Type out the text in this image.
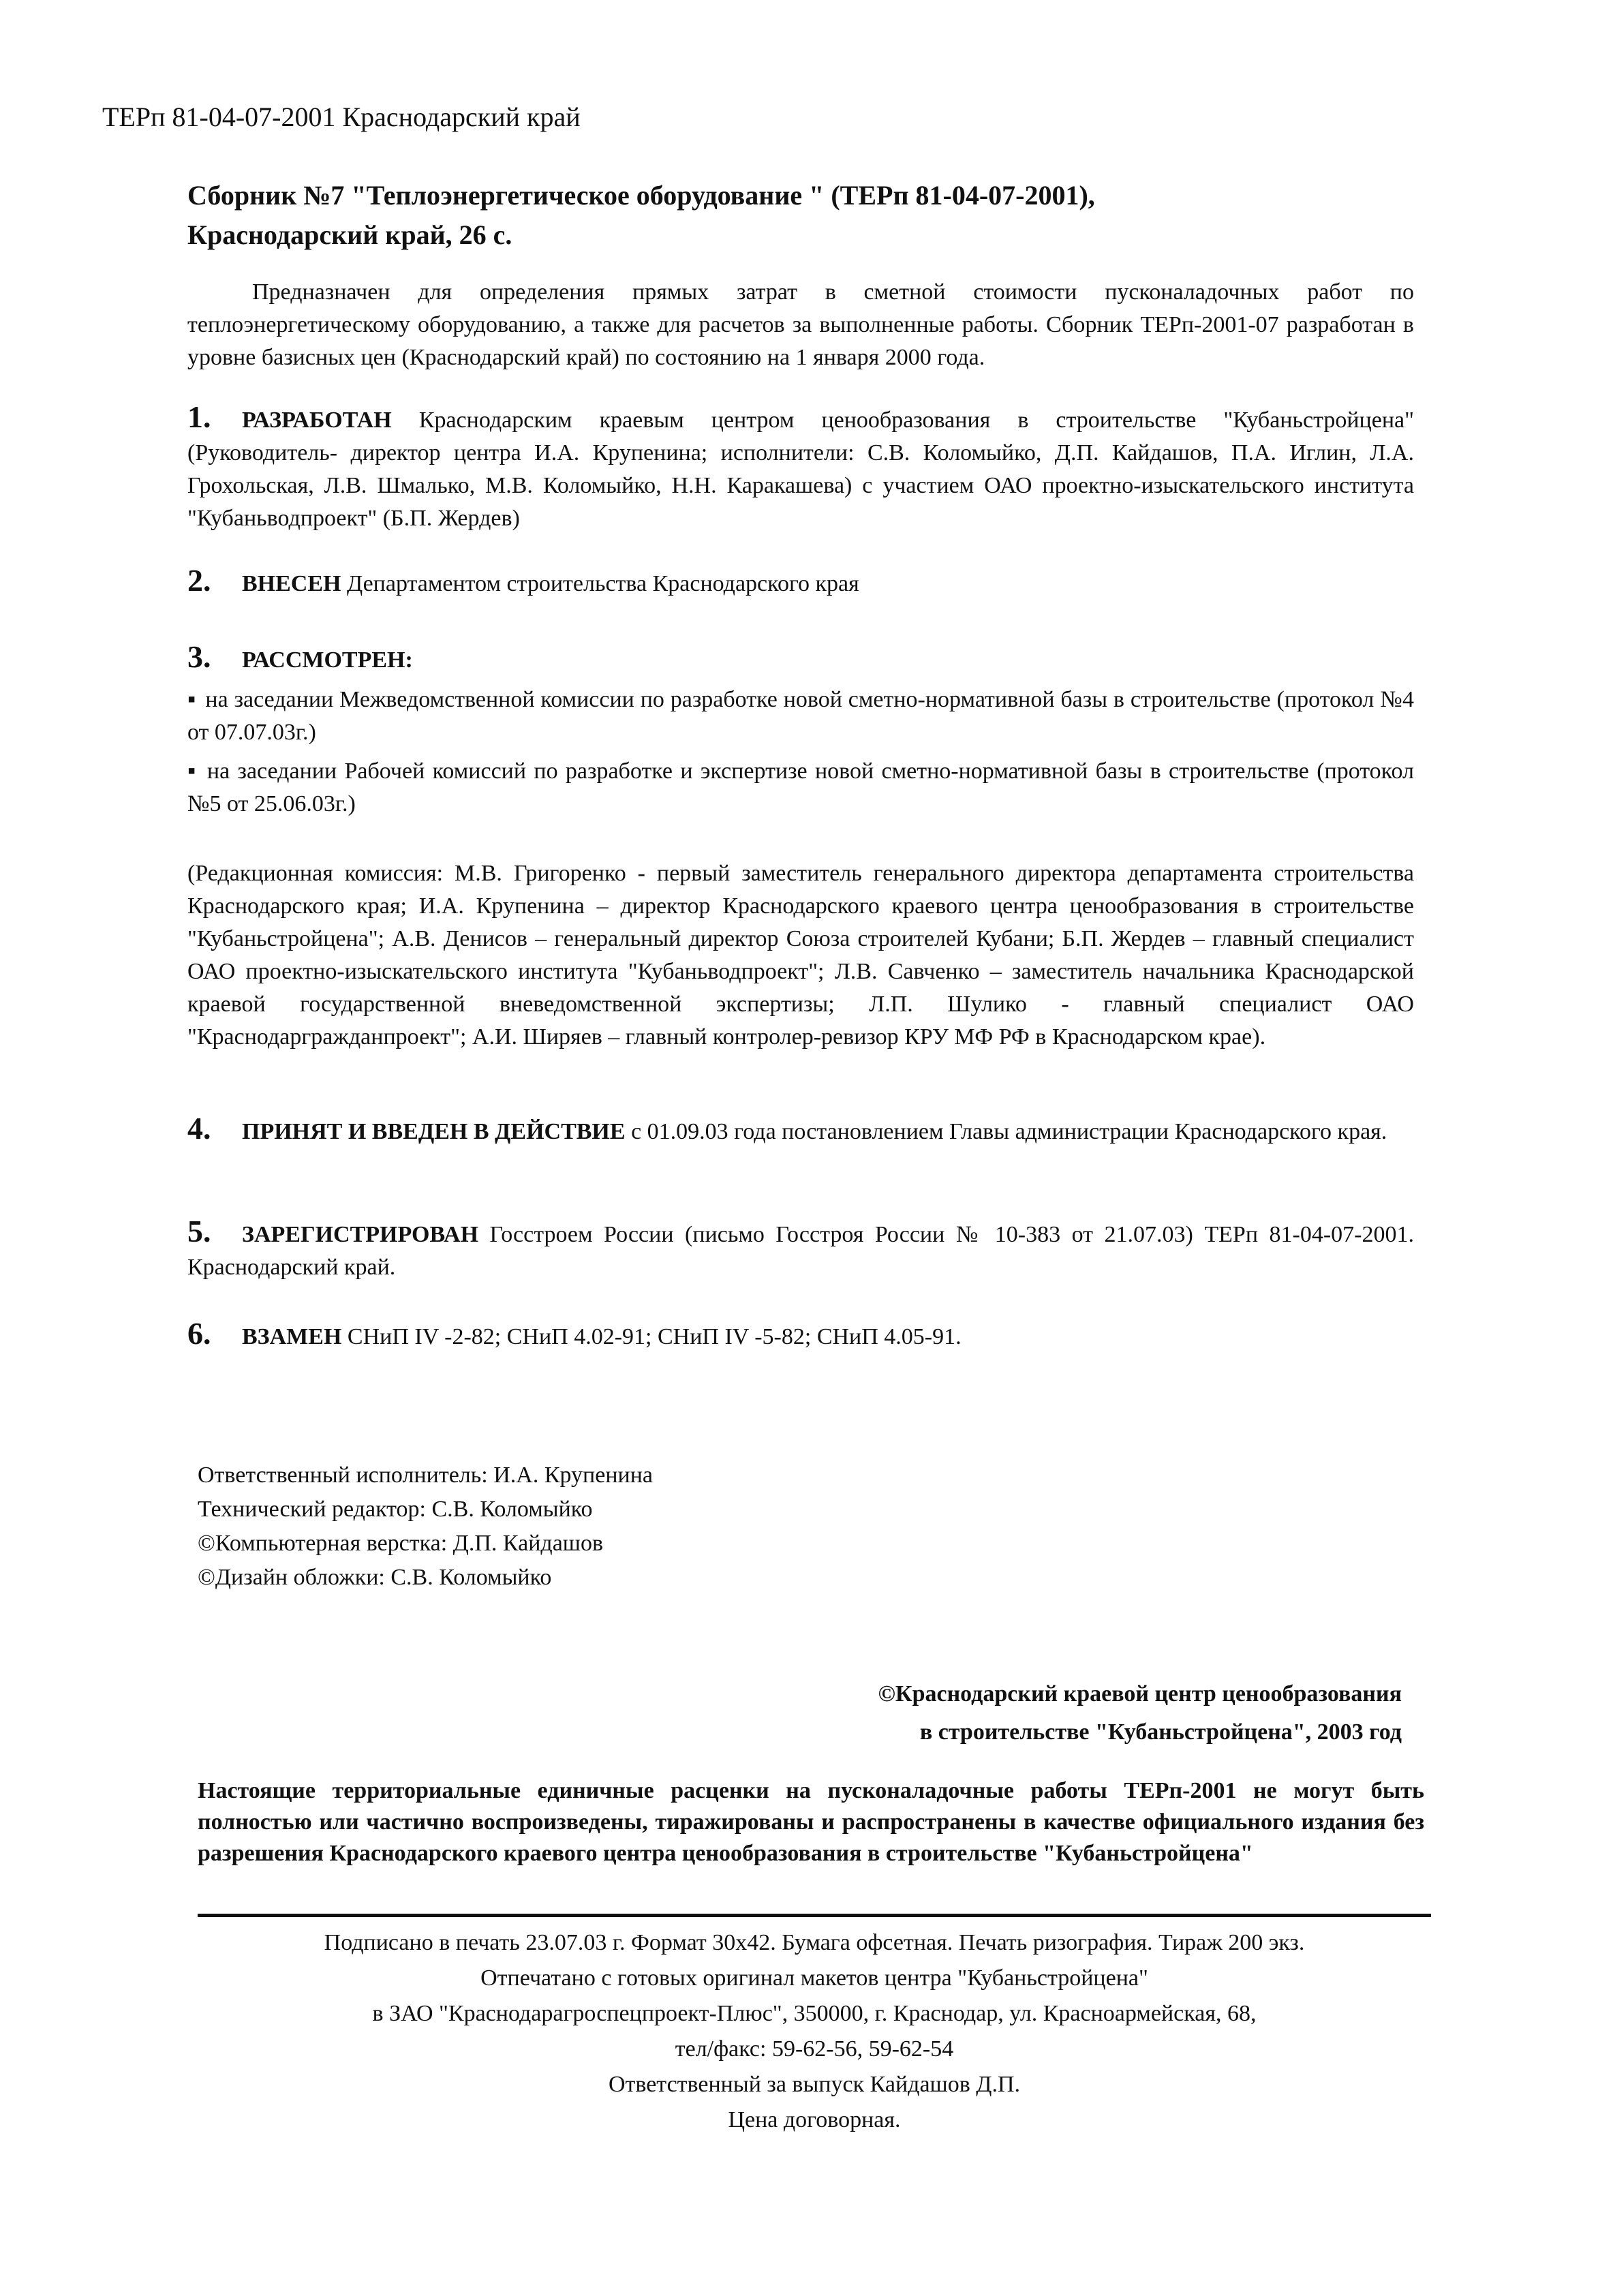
ТЕРп 81-04-07-2001 Краснодарский край
Сборник №7 "Теплоэнергетическое оборудование " (ТЕРп 81-04-07-2001),
Краснодарский край, 26 с.
Предназначен для определения прямых затрат в сметной стоимости пусконаладочных работ по теплоэнергетическому оборудованию, а также для расчетов за выполненные работы. Сборник ТЕРп-2001-07 разработан в уровне базисных цен (Краснодарский край) по состоянию на 1 января 2000 года.
1. РАЗРАБОТАН Краснодарским краевым центром ценообразования в строительстве "Кубаньстройцена" (Руководитель- директор центра И.А. Крупенина; исполнители: С.В. Коломыйко, Д.П. Кайдашов, П.А. Иглин, Л.А. Грохольская, Л.В. Шмалько, М.В. Коломыйко, Н.Н. Каракашева) с участием ОАО проектно-изыскательского института "Кубаньводпроект" (Б.П. Жердев)
2. ВНЕСЕН Департаментом строительства Краснодарского края
3. РАССМОТРЕН:
▪ на заседании Межведомственной комиссии по разработке новой сметно-нормативной базы в строительстве (протокол №4 от 07.07.03г.)
▪ на заседании Рабочей комиссий по разработке и экспертизе новой сметно-нормативной базы в строительстве (протокол №5 от 25.06.03г.)
(Редакционная комиссия: М.В. Григоренко - первый заместитель генерального директора департамента строительства Краснодарского края; И.А. Крупенина – директор Краснодарского краевого центра ценообразования в строительстве "Кубаньстройцена"; А.В. Денисов – генеральный директор Союза строителей Кубани; Б.П. Жердев – главный специалист ОАО проектно-изыскательского института "Кубаньводпроект"; Л.В. Савченко – заместитель начальника Краснодарской краевой государственной вневедомственной экспертизы; Л.П. Шулико - главный специалист ОАО "Краснодаргражданпроект"; А.И. Ширяев – главный контролер-ревизор КРУ МФ РФ в Краснодарском крае).
4. ПРИНЯТ И ВВЕДЕН В ДЕЙСТВИЕ с 01.09.03 года постановлением Главы администрации Краснодарского края.
5. ЗАРЕГИСТРИРОВАН Госстроем России (письмо Госстроя России № 10-383 от 21.07.03) ТЕРп 81-04-07-2001. Краснодарский край.
6. ВЗАМЕН СНиП IV -2-82; СНиП 4.02-91; СНиП IV -5-82; СНиП 4.05-91.
Ответственный исполнитель: И.А. Крупенина
Технический редактор: С.В. Коломыйко
©Компьютерная верстка: Д.П. Кайдашов
©Дизайн обложки: С.В. Коломыйко
©Краснодарский краевой центр ценообразования
в строительстве "Кубаньстройцена", 2003 год
Настоящие территориальные единичные расценки на пусконаладочные работы ТЕРп-2001 не могут быть полностью или частично воспроизведены, тиражированы и распространены в качестве официального издания без разрешения Краснодарского краевого центра ценообразования в строительстве "Кубаньстройцена"
Подписано в печать 23.07.03 г. Формат 30х42. Бумага офсетная. Печать ризография. Тираж 200 экз.
Отпечатано с готовых оригинал макетов центра "Кубаньстройцена"
в ЗАО "Краснодарагроспецпроект-Плюс", 350000, г. Краснодар, ул. Красноармейская, 68,
тел/факс: 59-62-56, 59-62-54
Ответственный за выпуск Кайдашов Д.П.
Цена договорная.
